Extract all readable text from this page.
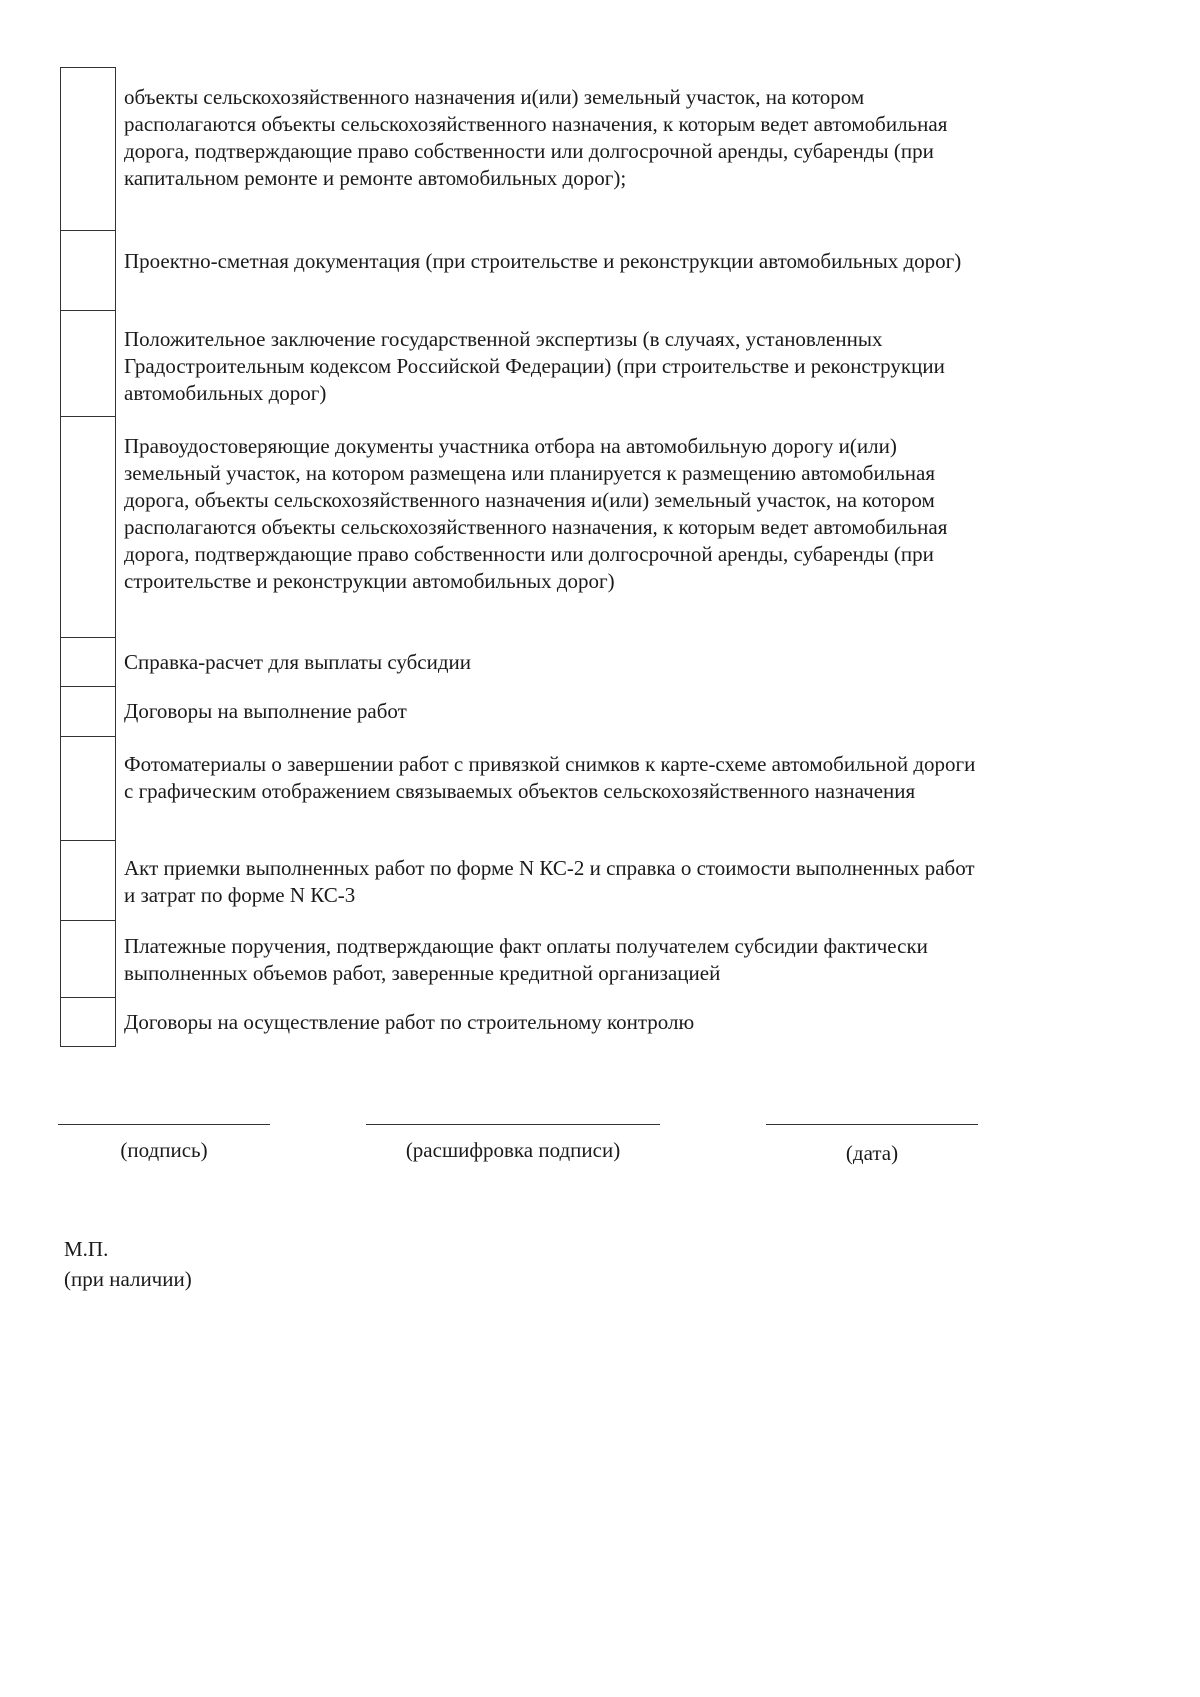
объекты сельскохозяйственного назначения и(или) земельный участок, на котором располагаются объекты сельскохозяйственного назначения, к которым ведет автомобильная дорога, подтверждающие право собственности или долгосрочной аренды, субаренды (при капитальном ремонте и ремонте автомобильных дорог);
Проектно-сметная документация (при строительстве и реконструкции автомобильных дорог)
Положительное заключение государственной экспертизы (в случаях, установленных Градостроительным кодексом Российской Федерации) (при строительстве и реконструкции автомобильных дорог)
Правоудостоверяющие документы участника отбора на автомобильную дорогу и(или) земельный участок, на котором размещена или планируется к размещению автомобильная дорога, объекты сельскохозяйственного назначения и(или) земельный участок, на котором располагаются объекты сельскохозяйственного назначения, к которым ведет автомобильная дорога, подтверждающие право собственности или долгосрочной аренды, субаренды (при строительстве и реконструкции автомобильных дорог)
Справка-расчет для выплаты субсидии
Договоры на выполнение работ
Фотоматериалы о завершении работ с привязкой снимков к карте-схеме автомобильной дороги с графическим отображением связываемых объектов сельскохозяйственного назначения
Акт приемки выполненных работ по форме N КС-2 и справка о стоимости выполненных работ и затрат по форме N КС-3
Платежные поручения, подтверждающие факт оплаты получателем субсидии фактически выполненных объемов работ, заверенные кредитной организацией
Договоры на осуществление работ по строительному контролю
(подпись)	(расшифровка подписи)	(дата)
М.П.
(при наличии)
